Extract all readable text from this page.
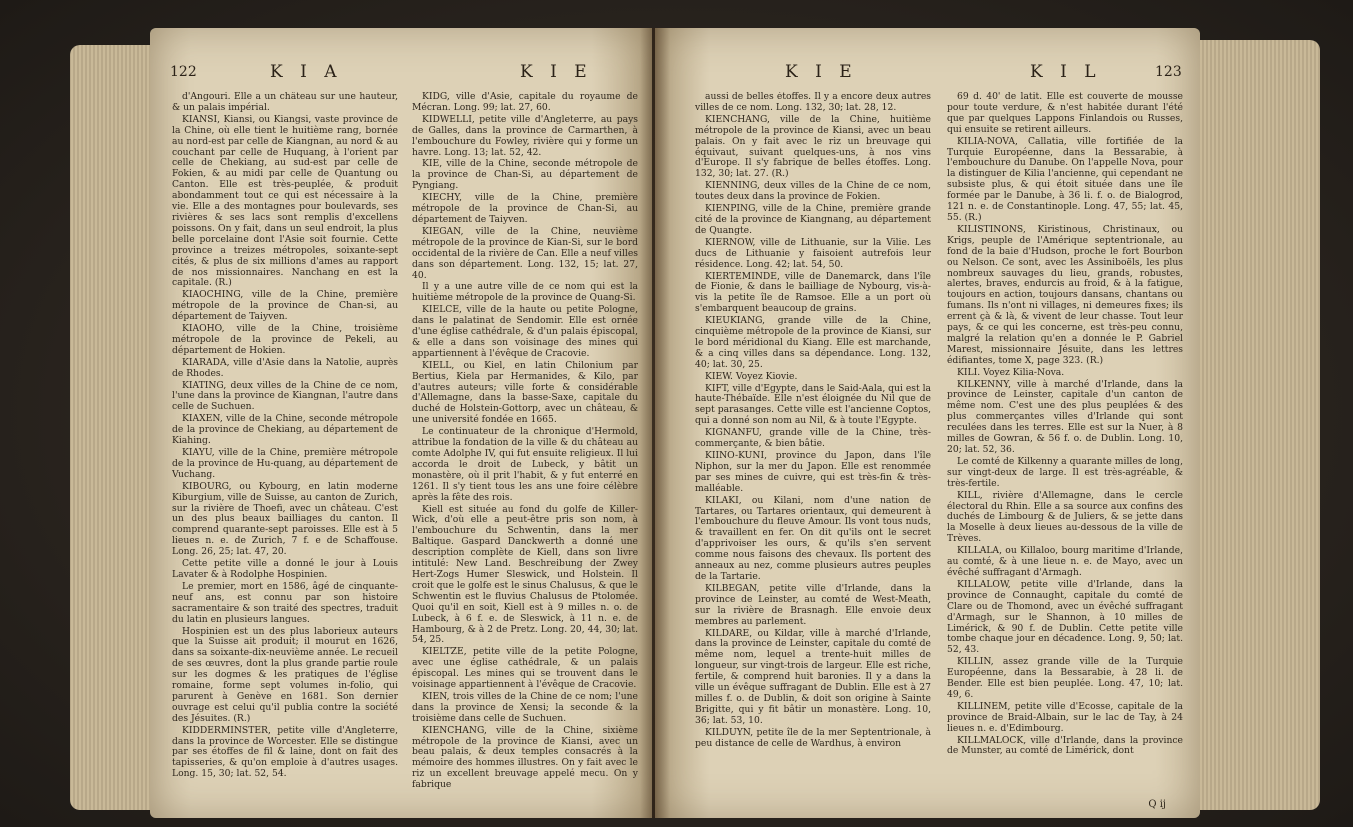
122	K I A	K I E

d'Angouri. Elle a un château sur une hauteur, & un palais impérial.

KIANSI, Kiansi, ou Kiangsi, vaste province de la Chine, où elle tient le huitième rang, bornée au nord-est par celle de Kiangnan, au nord & au couchant par celle de Huquang, à l'orient par celle de Chekiang, au sud-est par celle de Fokien, & au midi par celle de Quantung ou Canton. Elle est très-peuplée, & produit abondamment tout ce qui est nécessaire à la vie. Elle a des montagnes pour boulevards, ses rivières & ses lacs sont remplis d'excellens poissons. On y fait, dans un seul endroit, la plus belle porcelaine dont l'Asie soit fournie. Cette province a treizes métropoles, soixante-sept cités, & plus de six millions d'ames au rapport de nos missionnaires. Nanchang en est la capitale. (R.)

KIAOCHING, ville de la Chine, première métropole de la province de Chan-si, au département de Taiyven.

KIAOHO, ville de la Chine, troisième métropole de la province de Pekeli, au département de Hokien.

KIARADA, ville d'Asie dans la Natolie, auprès de Rhodes.

KIATING, deux villes de la Chine de ce nom, l'une dans la province de Kiangnan, l'autre dans celle de Suchuen.

KIAXEN, ville de la Chine, seconde métropole de la province de Chekiang, au département de Kiahing.

KIAYU, ville de la Chine, première métropole de la province de Hu-quang, au département de Vuchang.

KIBOURG, ou Kybourg, en latin moderne Kiburgium, ville de Suisse, au canton de Zurich, sur la rivière de Thoefi, avec un château. C'est un des plus beaux bailliages du canton. Il comprend quarante-sept paroisses. Elle est à 5 lieues n. e. de Zurich, 7 f. e de Schaffouse. Long. 26, 25; lat. 47, 20.

Cette petite ville a donné le jour à Louis Lavater & à Rodolphe Hospinien.

Le premier, mort en 1586, âgé de cinquante-neuf ans, est connu par son histoire sacramentaire & son traité des spectres, traduit du latin en plusieurs langues.

Hospinien est un des plus laborieux auteurs que la Suisse ait produit; il mourut en 1626, dans sa soixante-dix-neuvième année. Le recueil de ses œuvres, dont la plus grande partie roule sur les dogmes & les pratiques de l'église romaine, forme sept volumes in-folio, qui parurent à Genève en 1681. Son dernier ouvrage est celui qu'il publia contre la société des Jésuites. (R.)

KIDDERMINSTER, petite ville d'Angleterre, dans la province de Worcester. Elle se distingue par ses étoffes de fil & laine, dont on fait des tapisseries, & qu'on emploie à d'autres usages. Long. 15, 30; lat. 52, 54.

KIDG, ville d'Asie, capitale du royaume de Mécran. Long. 99; lat. 27, 60.

KIDWELLI, petite ville d'Angleterre, au pays de Galles, dans la province de Carmarthen, à l'embouchure du Fowley, rivière qui y forme un havre. Long. 13; lat. 52, 42.

KIE, ville de la Chine, seconde métropole de la province de Chan-Si, au département de Pyngiang.

KIECHY, ville de la Chine, première métropole de la province de Chan-Si, au département de Taiyven.

KIEGAN, ville de la Chine, neuvième métropole de la province de Kian-Si, sur le bord occidental de la rivière de Can. Elle a neuf villes dans son département. Long. 132, 15; lat. 27, 40.

Il y a une autre ville de ce nom qui est la huitième métropole de la province de Quang-Si.

KIELCE, ville de la haute ou petite Pologne, dans le palatinat de Sendomir. Elle est ornée d'une église cathédrale, & d'un palais épiscopal, & elle a dans son voisinage des mines qui appartiennent à l'évêque de Cracovie.

KIELL, ou Kiel, en latin Chilonium par Bertius, Kiela par Hermanides, & Kilo, par d'autres auteurs; ville forte & considérable d'Allemagne, dans la basse-Saxe, capitale du duché de Holstein-Gottorp, avec un château, & une université fondée en 1665.

Le continuateur de la chronique d'Hermold, attribue la fondation de la ville & du château au comte Adolphe IV, qui fut ensuite religieux. Il lui accorda le droit de Lubeck, y bâtit un monastère, où il prit l'habit, & y fut enterré en 1261. Il s'y tient tous les ans une foire célèbre après la fête des rois.

Kiell est située au fond du golfe de Killer-Wick, d'où elle a peut-être pris son nom, à l'embouchure du Schwentin, dans la mer Baltique. Gaspard Danckwerth a donné une description complète de Kiell, dans son livre intitulé: New Land. Beschreibung der Zwey Hert-Zogs Humer Sleswick, und Holstein. Il croit que le golfe est le sinus Chalusus, & que le Schwentin est le fluvius Chalusus de Ptolomée. Quoi qu'il en soit, Kiell est à 9 milles n. o. de Lubeck, à 6 f. e. de Sleswick, à 11 n. e. de Hambourg, & à 2 de Pretz. Long. 20, 44, 30; lat. 54, 25.

KIELTZE, petite ville de la petite Pologne, avec une église cathédrale, & un palais épiscopal. Les mines qui se trouvent dans le voisinage appartiennent à l'évêque de Cracovie.

KIEN, trois villes de la Chine de ce nom; l'une dans la province de Xensi; la seconde & la troisième dans celle de Suchuen.

KIENCHANG, ville de la Chine, sixième métropole de la province de Kiansi, avec un beau palais, & deux temples consacrés à la mémoire des hommes illustres. On y fait avec le riz un excellent breuvage appelé mecu. On y fabrique

K I E	K I L	123

aussi de belles étoffes. Il y a encore deux autres villes de ce nom. Long. 132, 30; lat. 28, 12.

KIENCHANG, ville de la Chine, huitième métropole de la province de Kiansi, avec un beau palais. On y fait avec le riz un breuvage qui équivaut, suivant quelques-uns, à nos vins d'Europe. Il s'y fabrique de belles étoffes. Long. 132, 30; lat. 27. (R.)

KIENNING, deux villes de la Chine de ce nom, toutes deux dans la province de Fokien.

KIENPING, ville de la Chine, première grande cité de la province de Kiangnang, au département de Quangte.

KIERNOW, ville de Lithuanie, sur la Vilie. Les ducs de Lithuanie y faisoient autrefois leur résidence. Long. 42; lat. 54, 50.

KIERTEMINDE, ville de Danemarck, dans l'île de Fionie, & dans le bailliage de Nybourg, vis-à-vis la petite île de Ramsoe. Elle a un port où s'embarquent beaucoup de grains.

KIEUKIANG, grande ville de la Chine, cinquième métropole de la province de Kiansi, sur le bord méridional du Kiang. Elle est marchande, & a cinq villes dans sa dépendance. Long. 132, 40; lat. 30, 25.

KIEW. Voyez Kiovie.

KIFT, ville d'Egypte, dans le Said-Aala, qui est la haute-Thébaïde. Elle n'est éloignée du Nil que de sept parasanges. Cette ville est l'ancienne Coptos, qui a donné son nom au Nil, & à toute l'Egypte.

KIGNANFU, grande ville de la Chine, très-commerçante, & bien bâtie.

KIINO-KUNI, province du Japon, dans l'île Niphon, sur la mer du Japon. Elle est renommée par ses mines de cuivre, qui est très-fin & très-malléable.

KILAKI, ou Kilani, nom d'une nation de Tartares, ou Tartares orientaux, qui demeurent à l'embouchure du fleuve Amour. Ils vont tous nuds, & travaillent en fer. On dit qu'ils ont le secret d'apprivoiser les ours, & qu'ils s'en servent comme nous faisons des chevaux. Ils portent des anneaux au nez, comme plusieurs autres peuples de la Tartarie.

KILBEGAN, petite ville d'Irlande, dans la province de Leinster, au comté de West-Meath, sur la rivière de Brasnagh. Elle envoie deux membres au parlement.

KILDARE, ou Kildar, ville à marché d'Irlande, dans la province de Leinster, capitale du comté de même nom, lequel a trente-huit milles de longueur, sur vingt-trois de largeur. Elle est riche, fertile, & comprend huit baronies. Il y a dans la ville un évêque suffragant de Dublin. Elle est à 27 milles f. o. de Dublin, & doit son origine à Sainte Brigitte, qui y fit bâtir un monastère. Long. 10, 36; lat. 53, 10.

KILDUYN, petite île de la mer Septentrionale, à peu distance de celle de Wardhus, à environ

69 d. 40' de latit. Elle est couverte de mousse pour toute verdure, & n'est habitée durant l'été que par quelques Lappons Finlandois ou Russes, qui ensuite se retirent ailleurs.

KILIA-NOVA, Callatia, ville fortifiée de la Turquie Européenne, dans la Bessarabie, à l'embouchure du Danube. On l'appelle Nova, pour la distinguer de Kilia l'ancienne, qui cependant ne subsiste plus, & qui étoit située dans une île formée par le Danube, à 36 li. f. o. de Bialogrod, 121 n. e. de Constantinople. Long. 47, 55; lat. 45, 55. (R.)

KILISTINONS, Kiristinous, Christinaux, ou Krigs, peuple de l'Amérique septentrionale, au fond de la baie d'Hudson, proche le fort Bourbon ou Nelson. Ce sont, avec les Assiniboëls, les plus nombreux sauvages du lieu, grands, robustes, alertes, braves, endurcis au froid, & à la fatigue, toujours en action, toujours dansans, chantans ou fumans. Ils n'ont ni villages, ni demeures fixes; ils errent çà & là, & vivent de leur chasse. Tout leur pays, & ce qui les concerne, est très-peu connu, malgré la relation qu'en a donnée le P. Gabriel Marest, missionnaire Jésuite, dans les lettres édifiantes, tome X, page 323. (R.)

KILI. Voyez Kilia-Nova.

KILKENNY, ville à marché d'Irlande, dans la province de Leinster, capitale d'un canton de même nom. C'est une des plus peuplées & des plus commerçantes villes d'Irlande qui sont reculées dans les terres. Elle est sur la Nuer, à 8 milles de Gowran, & 56 f. o. de Dublin. Long. 10, 20; lat. 52, 36.

Le comté de Kilkenny a quarante milles de long, sur vingt-deux de large. Il est très-agréable, & très-fertile.

KILL, rivière d'Allemagne, dans le cercle électoral du Rhin. Elle a sa source aux confins des duchés de Limbourg & de Juliers, & se jette dans la Moselle à deux lieues au-dessous de la ville de Trèves.

KILLALA, ou Killaloo, bourg maritime d'Irlande, au comté, & à une lieue n. e. de Mayo, avec un évêché suffragant d'Armagh.

KILLALOW, petite ville d'Irlande, dans la province de Connaught, capitale du comté de Clare ou de Thomond, avec un évêché suffragant d'Armagh, sur le Shannon, à 10 milles de Limérick, & 90 f. de Dublin. Cette petite ville tombe chaque jour en décadence. Long. 9, 50; lat. 52, 43.

KILLIN, assez grande ville de la Turquie Européenne, dans la Bessarabie, à 28 li. de Bender. Elle est bien peuplée. Long. 47, 10; lat. 49, 6.

KILLINEM, petite ville d'Ecosse, capitale de la province de Braid-Albain, sur le lac de Tay, à 24 lieues n. e. d'Edimbourg.

KILLMALOCK, ville d'Irlande, dans la province de Munster, au comté de Limérick, dont

Q ij
